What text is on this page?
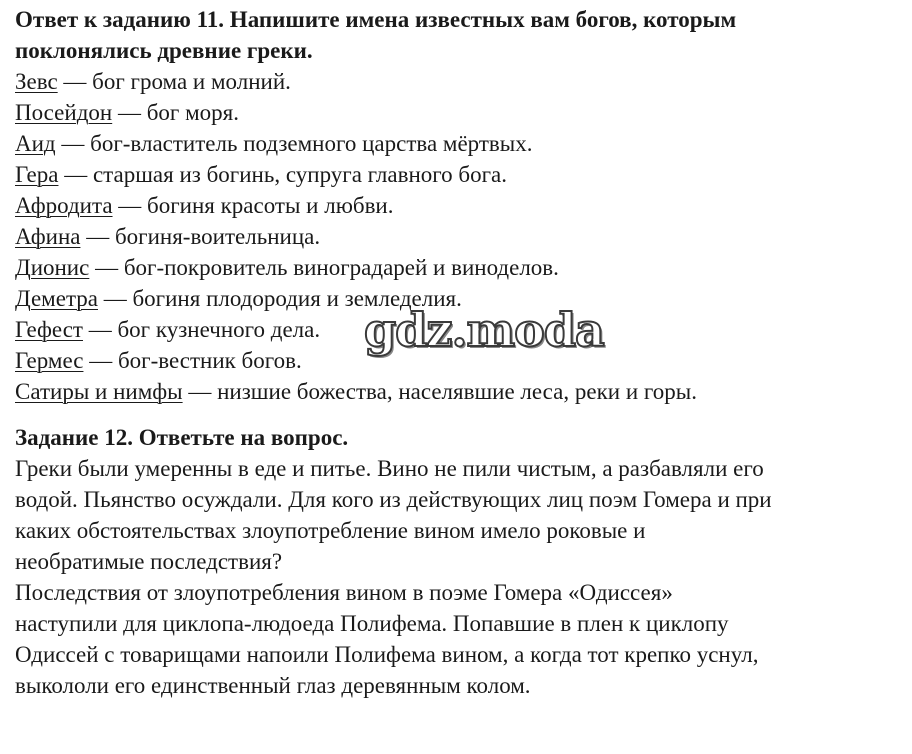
Ответ к заданию 11. Напишите имена известных вам богов, которым

поклонялись древние греки.

Зевс — бог грома и молний.

Посейдон — бог моря.

Аид — бог-властитель подземного царства мёртвых.

Гера — старшая из богинь, супруга главного бога.

Афродита — богиня красоты и любви.

Афина — богиня-воительница.

Дионис — бог-покровитель виноградарей и виноделов.

Деметра — богиня плодородия и земледелия.

Гефест — бог кузнечного дела.

Гермес — бог-вестник богов.

Сатиры и нимфы — низшие божества, населявшие леса, реки и горы.

Задание 12. Ответьте на вопрос.

Греки были умеренны в еде и питье. Вино не пили чистым, а разбавляли его

водой. Пьянство осуждали. Для кого из действующих лиц поэм Гомера и при

каких обстоятельствах злоупотребление вином имело роковые и

необратимые последствия?

Последствия от злоупотребления вином в поэме Гомера «Одиссея»

наступили для циклопа-людоеда Полифема. Попавшие в плен к циклопу

Одиссей с товарищами напоили Полифема вином, а когда тот крепко уснул,

выкололи его единственный глаз деревянным колом.

gdz.moda
